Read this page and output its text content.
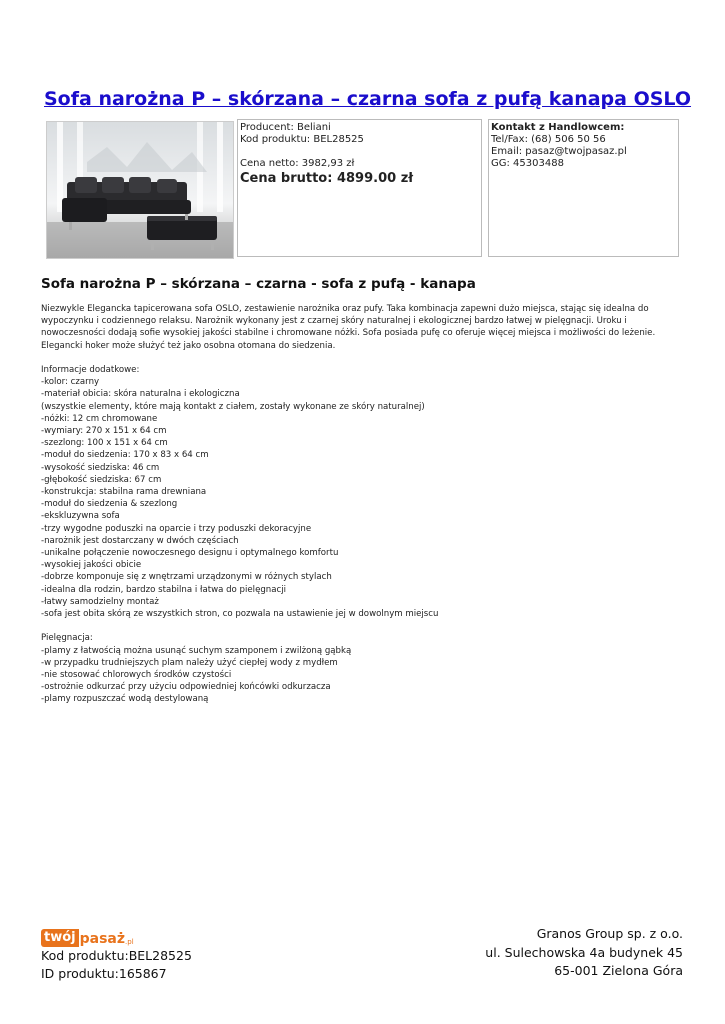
Sofa narożna P – skórzana – czarna sofa z pufą kanapa OSLO
Producent: Beliani
Kod produktu: BEL28525
Cena netto: 3982,93 zł
Cena brutto: 4899.00 zł
Kontakt z Handlowcem:
Tel/Fax: (68) 506 50 56
Email: pasaz@twojpasaz.pl
GG: 45303488
Sofa narożna P – skórzana – czarna - sofa z pufą - kanapa

Niezwykle Elegancka tapicerowana sofa OSLO, zestawienie narożnika oraz pufy. Taka kombinacja zapewni dużo miejsca, stając się idealna do wypoczynku i codziennego relaksu. Narożnik wykonany jest z czarnej skóry naturalnej i ekologicznej bardzo łatwej w pielęgnacji. Uroku i nowoczesności dodają sofie wysokiej jakości stabilne i chromowane nóżki. Sofa posiada pufę co oferuje więcej miejsca i możliwości do leżenie. Elegancki hoker może służyć też jako osobna otomana do siedzenia.

Informacje dodatkowe:
-kolor: czarny
-materiał obicia: skóra naturalna i ekologiczna
(wszystkie elementy, które mają kontakt z ciałem, zostały wykonane ze skóry naturalnej)
-nóżki: 12 cm chromowane
-wymiary: 270 x 151 x 64 cm
-szezlong: 100 x 151 x 64 cm
-moduł do siedzenia: 170 x 83 x 64 cm
-wysokość siedziska: 46 cm
-głębokość siedziska: 67 cm
-konstrukcja: stabilna rama drewniana
-moduł do siedzenia & szezlong
-ekskluzywna sofa
-trzy wygodne poduszki na oparcie i trzy poduszki dekoracyjne
-narożnik jest dostarczany w dwóch częściach
-unikalne połączenie nowoczesnego designu i optymalnego komfortu
-wysokiej jakości obicie
-dobrze komponuje się z wnętrzami urządzonymi w różnych stylach
-idealna dla rodzin, bardzo stabilna i łatwa do pielęgnacji
-łatwy samodzielny montaż
-sofa jest obita skórą ze wszystkich stron, co pozwala na ustawienie jej w dowolnym miejscu
Pielęgnacja:
-plamy z łatwością można usunąć suchym szamponem i zwilżoną gąbką
-w przypadku trudniejszych plam należy użyć ciepłej wody z mydłem
-nie stosować chlorowych środków czystości
-ostrożnie odkurzać przy użyciu odpowiedniej końcówki odkurzacza
-plamy rozpuszczać wodą destylowaną
twój pasaż .pl
Kod produktu:BEL28525
ID produktu:165867
Granos Group sp. z o.o.
ul. Sulechowska 4a budynek 45
65-001 Zielona Góra
